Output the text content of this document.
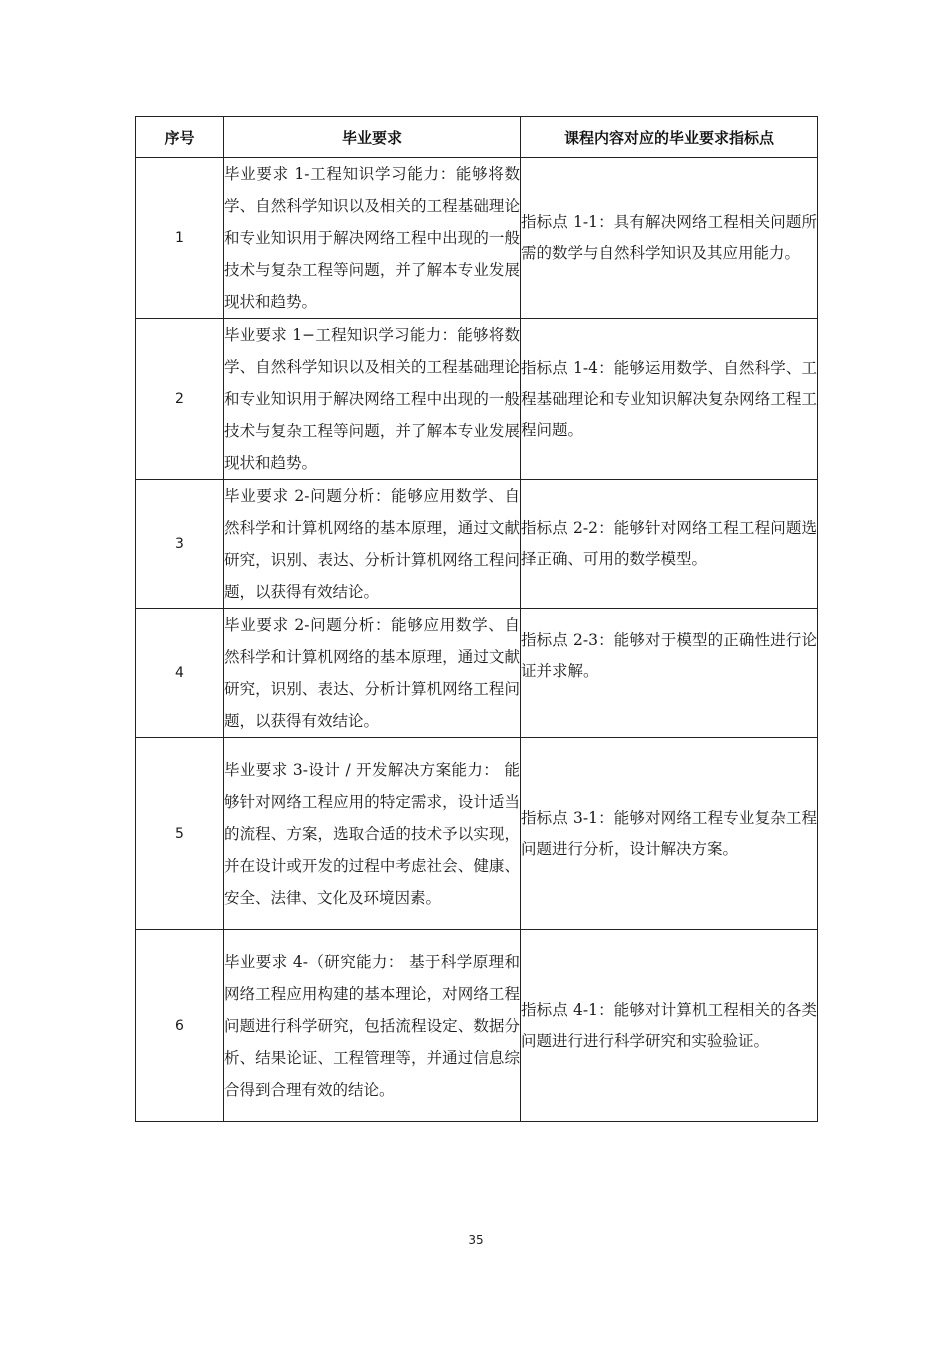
序号	毕业要求	课程内容对应的毕业要求指标点
1	毕业要求 1-工程知识学习能力：能够将数学、自然科学知识以及相关的工程基础理论和专业知识用于解决网络工程中出现的一般技术与复杂工程等问题，并了解本专业发展现状和趋势。	指标点 1-1：具有解决网络工程相关问题所需的数学与自然科学知识及其应用能力。
2	毕业要求 1−工程知识学习能力：能够将数学、自然科学知识以及相关的工程基础理论和专业知识用于解决网络工程中出现的一般技术与复杂工程等问题，并了解本专业发展现状和趋势。	指标点 1-4：能够运用数学、自然科学、工程基础理论和专业知识解决复杂网络工程工程问题。
3	毕业要求 2-问题分析：能够应用数学、自然科学和计算机网络的基本原理，通过文献研究，识别、表达、分析计算机网络工程问题，以获得有效结论。	指标点 2-2：能够针对网络工程工程问题选择正确、可用的数学模型。
4	毕业要求 2-问题分析：能够应用数学、自然科学和计算机网络的基本原理，通过文献研究，识别、表达、分析计算机网络工程问题，以获得有效结论。	指标点 2-3：能够对于模型的正确性进行论证并求解。
5	毕业要求 3-设计 / 开发解决方案能力： 能够针对网络工程应用的特定需求，设计适当的流程、方案，选取合适的技术予以实现，并在设计或开发的过程中考虑社会、健康、安全、法律、文化及环境因素。	指标点 3-1：能够对网络工程专业复杂工程问题进行分析，设计解决方案。
6	毕业要求 4-（研究能力： 基于科学原理和网络工程应用构建的基本理论，对网络工程问题进行科学研究，包括流程设定、数据分析、结果论证、工程管理等，并通过信息综合得到合理有效的结论。	指标点 4-1：能够对计算机工程相关的各类问题进行进行科学研究和实验验证。
35
